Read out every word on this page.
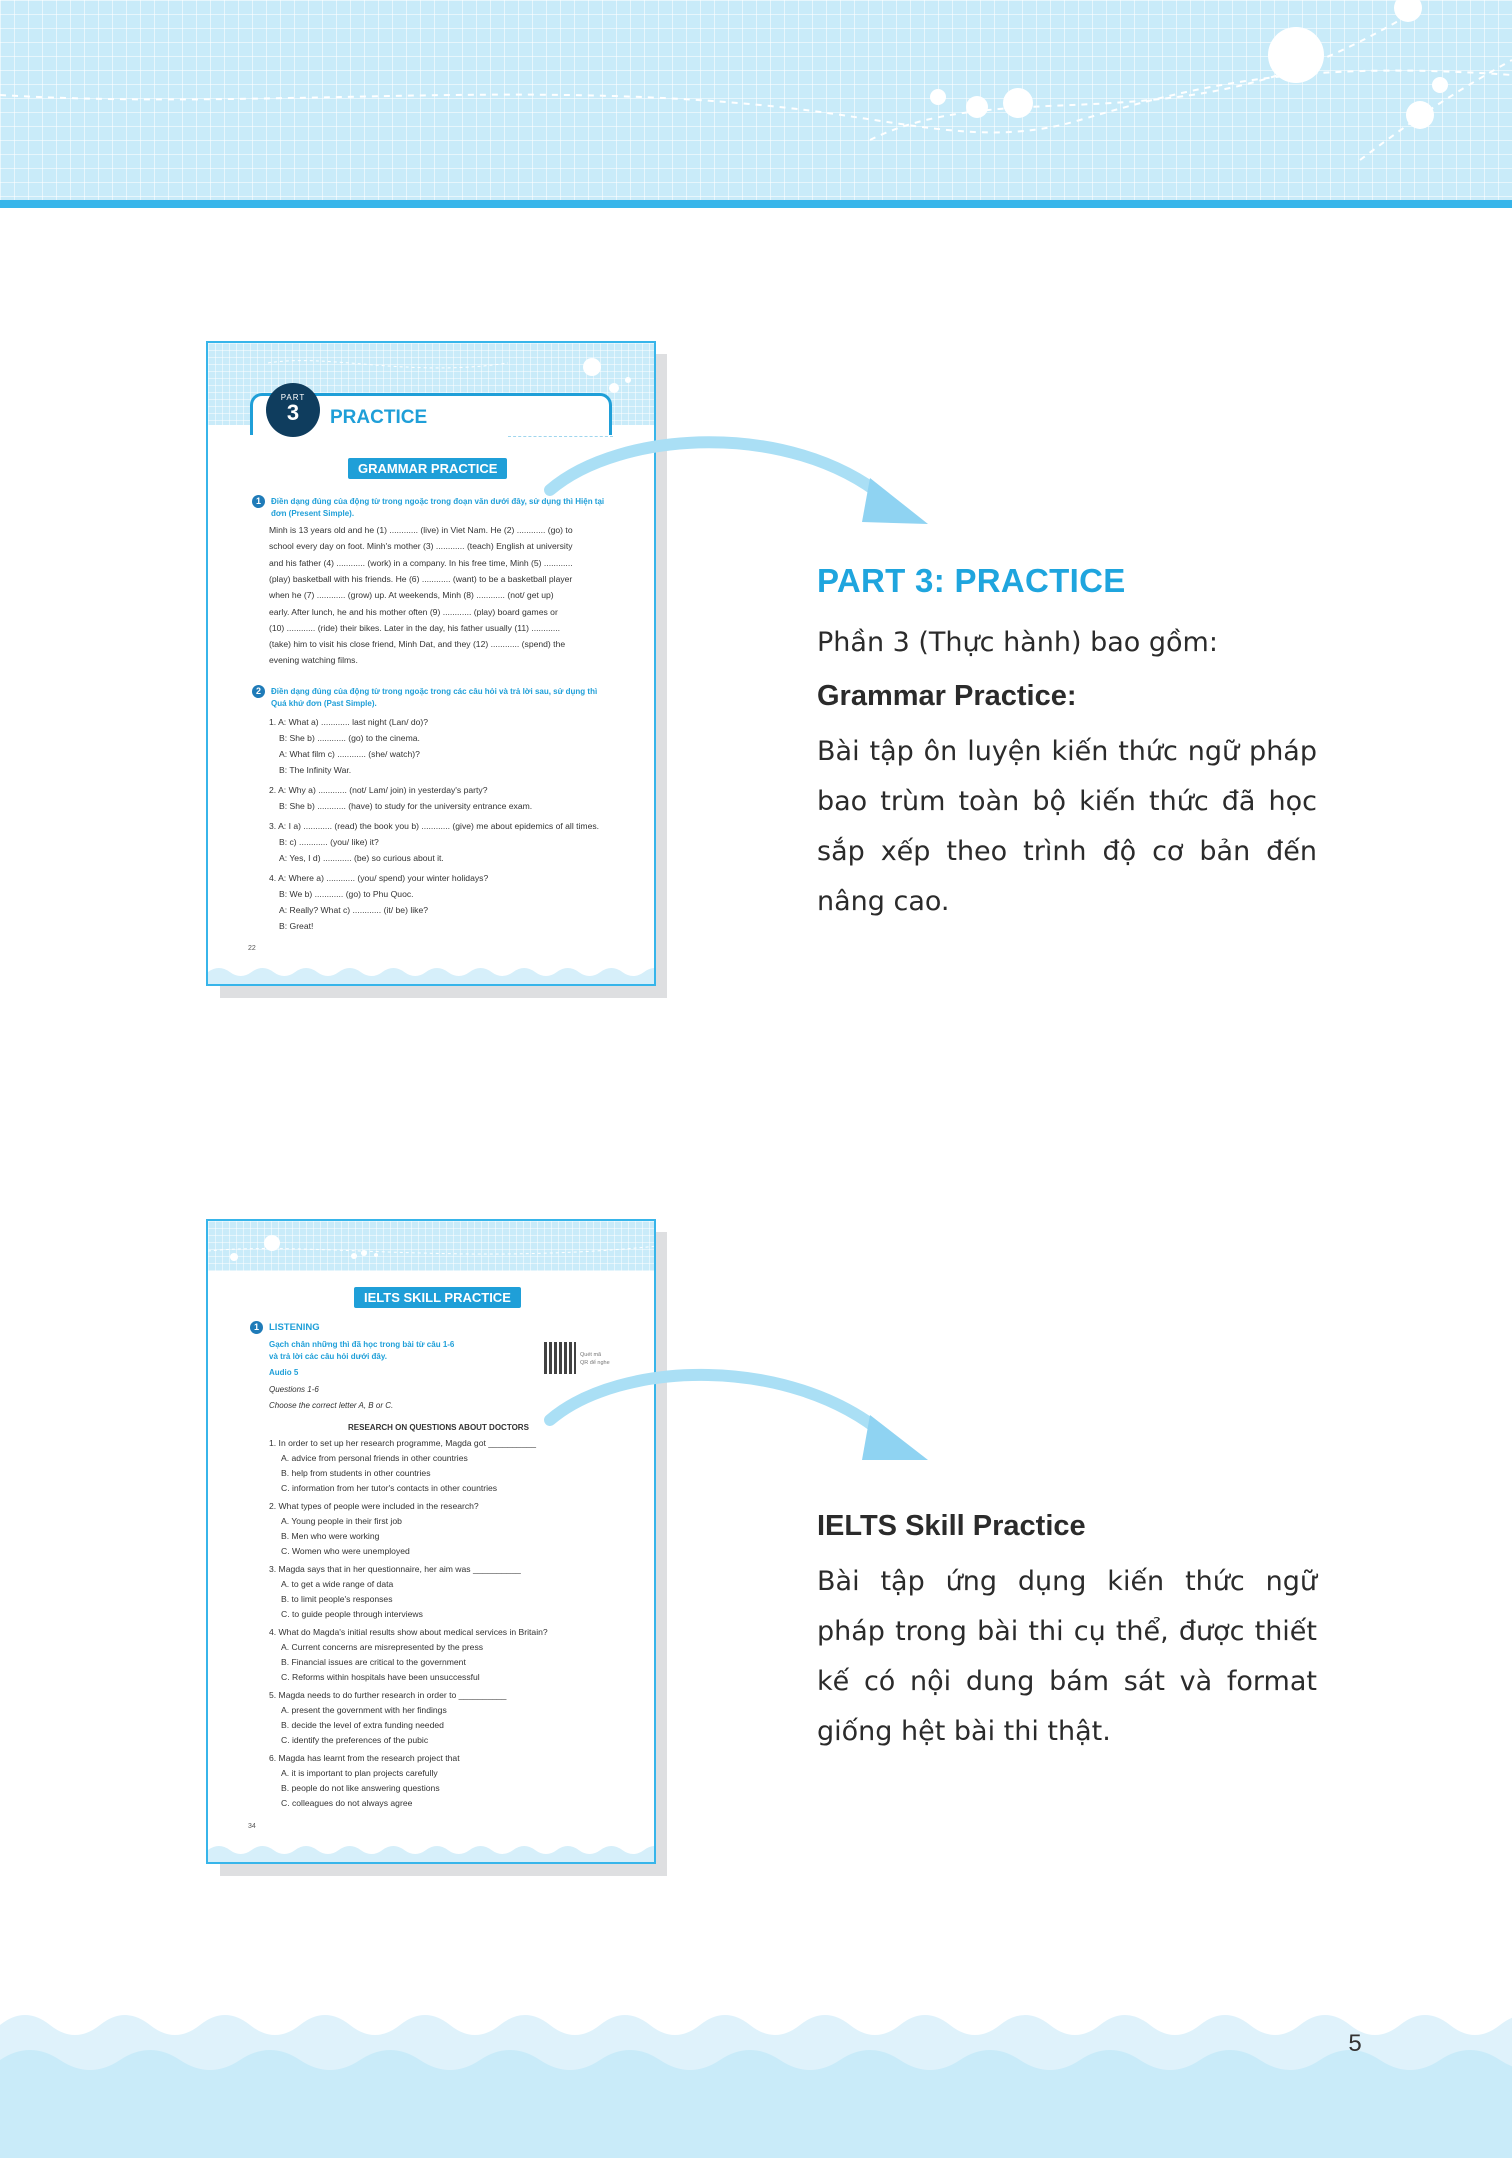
PART
3	PRACTICE
GRAMMAR PRACTICE
1	Điền dạng đúng của động từ trong ngoặc trong đoạn văn dưới đây, sử dụng thì Hiện tại
đơn (Present Simple).
Minh is 13 years old and he (1) ............ (live) in Viet Nam. He (2) ............ (go) to
school every day on foot. Minh's mother (3) ............ (teach) English at university
and his father (4) ............ (work) in a company. In his free time, Minh (5) ............
(play) basketball with his friends. He (6) ............ (want) to be a basketball player
when he (7) ............ (grow) up. At weekends, Minh (8) ............ (not/ get up)
early. After lunch, he and his mother often (9) ............ (play) board games or
(10) ............ (ride) their bikes. Later in the day, his father usually (11) ............
(take) him to visit his close friend, Minh Dat, and they (12) ............ (spend) the
evening watching films.
2	Điền dạng đúng của động từ trong ngoặc trong các câu hỏi và trả lời sau, sử dụng thì
Quá khứ đơn (Past Simple).
1. A: What a) ............ last night (Lan/ do)?
B: She b) ............ (go) to the cinema.
A: What film c) ............ (she/ watch)?
B: The Infinity War.
2. A: Why a) ............ (not/ Lam/ join) in yesterday's party?
B: She b) ............ (have) to study for the university entrance exam.
3. A: I a) ............ (read) the book you b) ............ (give) me about epidemics of all times.
B: c) ............ (you/ like) it?
A: Yes, I d) ............ (be) so curious about it.
4. A: Where a) ............ (you/ spend) your winter holidays?
B: We b) ............ (go) to Phu Quoc.
A: Really? What c) ............ (it/ be) like?
B: Great!
22
PART 3: PRACTICE
Phần 3 (Thực hành) bao gồm:
Grammar Practice:
Bài tập ôn luyện kiến thức ngữ pháp bao trùm toàn bộ kiến thức đã học sắp xếp theo trình độ cơ bản đến nâng cao.
IELTS SKILL PRACTICE
1	LISTENING
Gạch chân những thì đã học trong bài từ câu 1-6
và trả lời các câu hỏi dưới đây.
Audio 5
Quét mã
QR để nghe
Questions 1-6
Choose the correct letter A, B or C.
RESEARCH ON QUESTIONS ABOUT DOCTORS
1. In order to set up her research programme, Magda got __________
A. advice from personal friends in other countries
B. help from students in other countries
C. information from her tutor's contacts in other countries
2. What types of people were included in the research?
A. Young people in their first job
B. Men who were working
C. Women who were unemployed
3. Magda says that in her questionnaire, her aim was __________
A. to get a wide range of data
B. to limit people's responses
C. to guide people through interviews
4. What do Magda's initial results show about medical services in Britain?
A. Current concerns are misrepresented by the press
B. Financial issues are critical to the government
C. Reforms within hospitals have been unsuccessful
5. Magda needs to do further research in order to __________
A. present the government with her findings
B. decide the level of extra funding needed
C. identify the preferences of the pubic
6. Magda has learnt from the research project that
A. it is important to plan projects carefully
B. people do not like answering questions
C. colleagues do not always agree
34
IELTS Skill Practice
Bài tập ứng dụng kiến thức ngữ pháp trong bài thi cụ thể, được thiết kế có nội dung bám sát và format giống hệt bài thi thật.
5
